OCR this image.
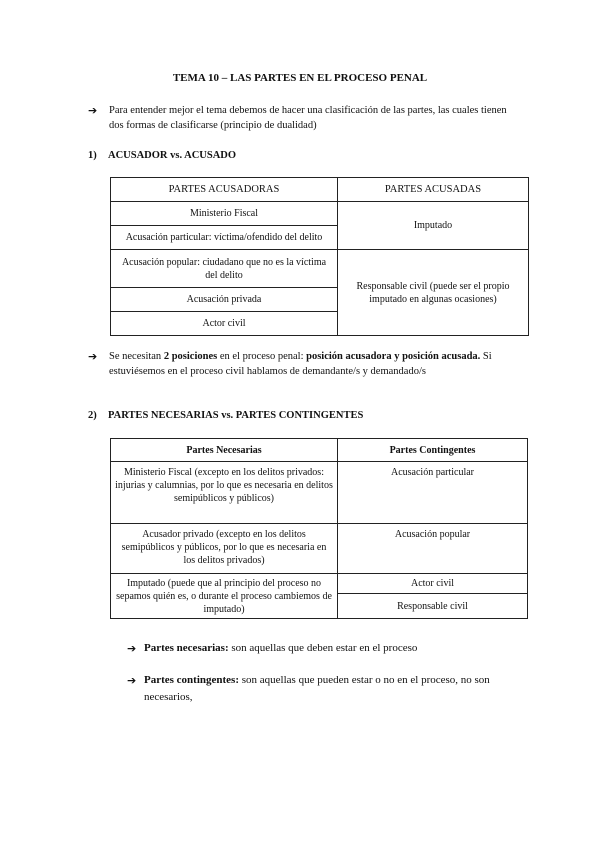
TEMA 10 – LAS PARTES EN EL PROCESO PENAL
➔ Para entender mejor el tema debemos de hacer una clasificación de las partes, las cuales tienen dos formas de clasificarse (principio de dualidad)
1) ACUSADOR vs. ACUSADO
PARTES ACUSADORAS	PARTES ACUSADAS
Ministerio Fiscal	Imputado
Acusación particular: víctima/ofendido del delito	
Acusación popular: ciudadano que no es la víctima del delito	Responsable civil (puede ser el propio imputado en algunas ocasiones)
Acusación privada	
Actor civil	
➔ Se necesitan 2 posiciones en el proceso penal: posición acusadora y posición acusada. Si estuviésemos en el proceso civil hablamos de demandante/s y demandado/s
2) PARTES NECESARIAS vs. PARTES CONTINGENTES
Partes Necesarias	Partes Contingentes
Ministerio Fiscal (excepto en los delitos privados: injurias y calumnias, por lo que es necesaria en delitos semipúblicos y públicos)	Acusación particular
Acusador privado (excepto en los delitos semipúblicos y públicos, por lo que es necesaria en los delitos privados)	Acusación popular
Imputado (puede que al principio del proceso no sepamos quién es, o durante el proceso cambiemos de imputado)	Actor civil
	Responsable civil
➔ Partes necesarias: son aquellas que deben estar en el proceso
➔ Partes contingentes: son aquellas que pueden estar o no en el proceso, no son necesarios,
